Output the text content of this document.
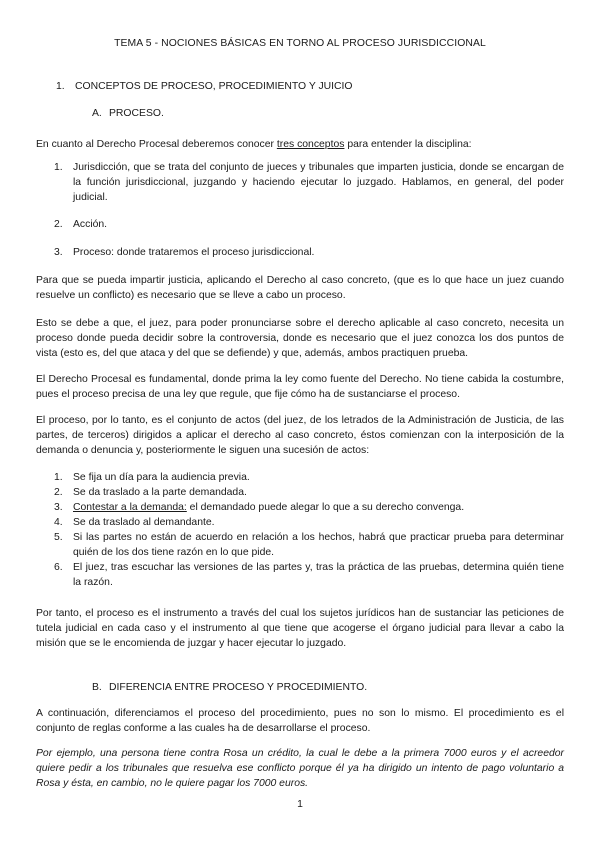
TEMA 5 - NOCIONES BÁSICAS EN TORNO AL PROCESO JURISDICCIONAL
1. CONCEPTOS DE PROCESO, PROCEDIMIENTO Y JUICIO
A. PROCESO.
En cuanto al Derecho Procesal deberemos conocer tres conceptos para entender la disciplina:
1. Jurisdicción, que se trata del conjunto de jueces y tribunales que imparten justicia, donde se encargan de la función jurisdiccional, juzgando y haciendo ejecutar lo juzgado. Hablamos, en general, del poder judicial.
2. Acción.
3. Proceso: donde trataremos el proceso jurisdiccional.
Para que se pueda impartir justicia, aplicando el Derecho al caso concreto, (que es lo que hace un juez cuando resuelve un conflicto) es necesario que se lleve a cabo un proceso.
Esto se debe a que, el juez, para poder pronunciarse sobre el derecho aplicable al caso concreto, necesita un proceso donde pueda decidir sobre la controversia, donde es necesario que el juez conozca los dos puntos de vista (esto es, del que ataca y del que se defiende) y que, además, ambos practiquen prueba.
El Derecho Procesal es fundamental, donde prima la ley como fuente del Derecho. No tiene cabida la costumbre, pues el proceso precisa de una ley que regule, que fije cómo ha de sustanciarse el proceso.
El proceso, por lo tanto, es el conjunto de actos (del juez, de los letrados de la Administración de Justicia, de las partes, de terceros) dirigidos a aplicar el derecho al caso concreto, éstos comienzan con la interposición de la demanda o denuncia y, posteriormente le siguen una sucesión de actos:
1. Se fija un día para la audiencia previa.
2. Se da traslado a la parte demandada.
3. Contestar a la demanda: el demandado puede alegar lo que a su derecho convenga.
4. Se da traslado al demandante.
5. Si las partes no están de acuerdo en relación a los hechos, habrá que practicar prueba para determinar quién de los dos tiene razón en lo que pide.
6. El juez, tras escuchar las versiones de las partes y, tras la práctica de las pruebas, determina quién tiene la razón.
Por tanto, el proceso es el instrumento a través del cual los sujetos jurídicos han de sustanciar las peticiones de tutela judicial en cada caso y el instrumento al que tiene que acogerse el órgano judicial para llevar a cabo la misión que se le encomienda de juzgar y hacer ejecutar lo juzgado.
B. DIFERENCIA ENTRE PROCESO Y PROCEDIMIENTO.
A continuación, diferenciamos el proceso del procedimiento, pues no son lo mismo. El procedimiento es el conjunto de reglas conforme a las cuales ha de desarrollarse el proceso.
Por ejemplo, una persona tiene contra Rosa un crédito, la cual le debe a la primera 7000 euros y el acreedor quiere pedir a los tribunales que resuelva ese conflicto porque él ya ha dirigido un intento de pago voluntario a Rosa y ésta, en cambio, no le quiere pagar los 7000 euros.
1
